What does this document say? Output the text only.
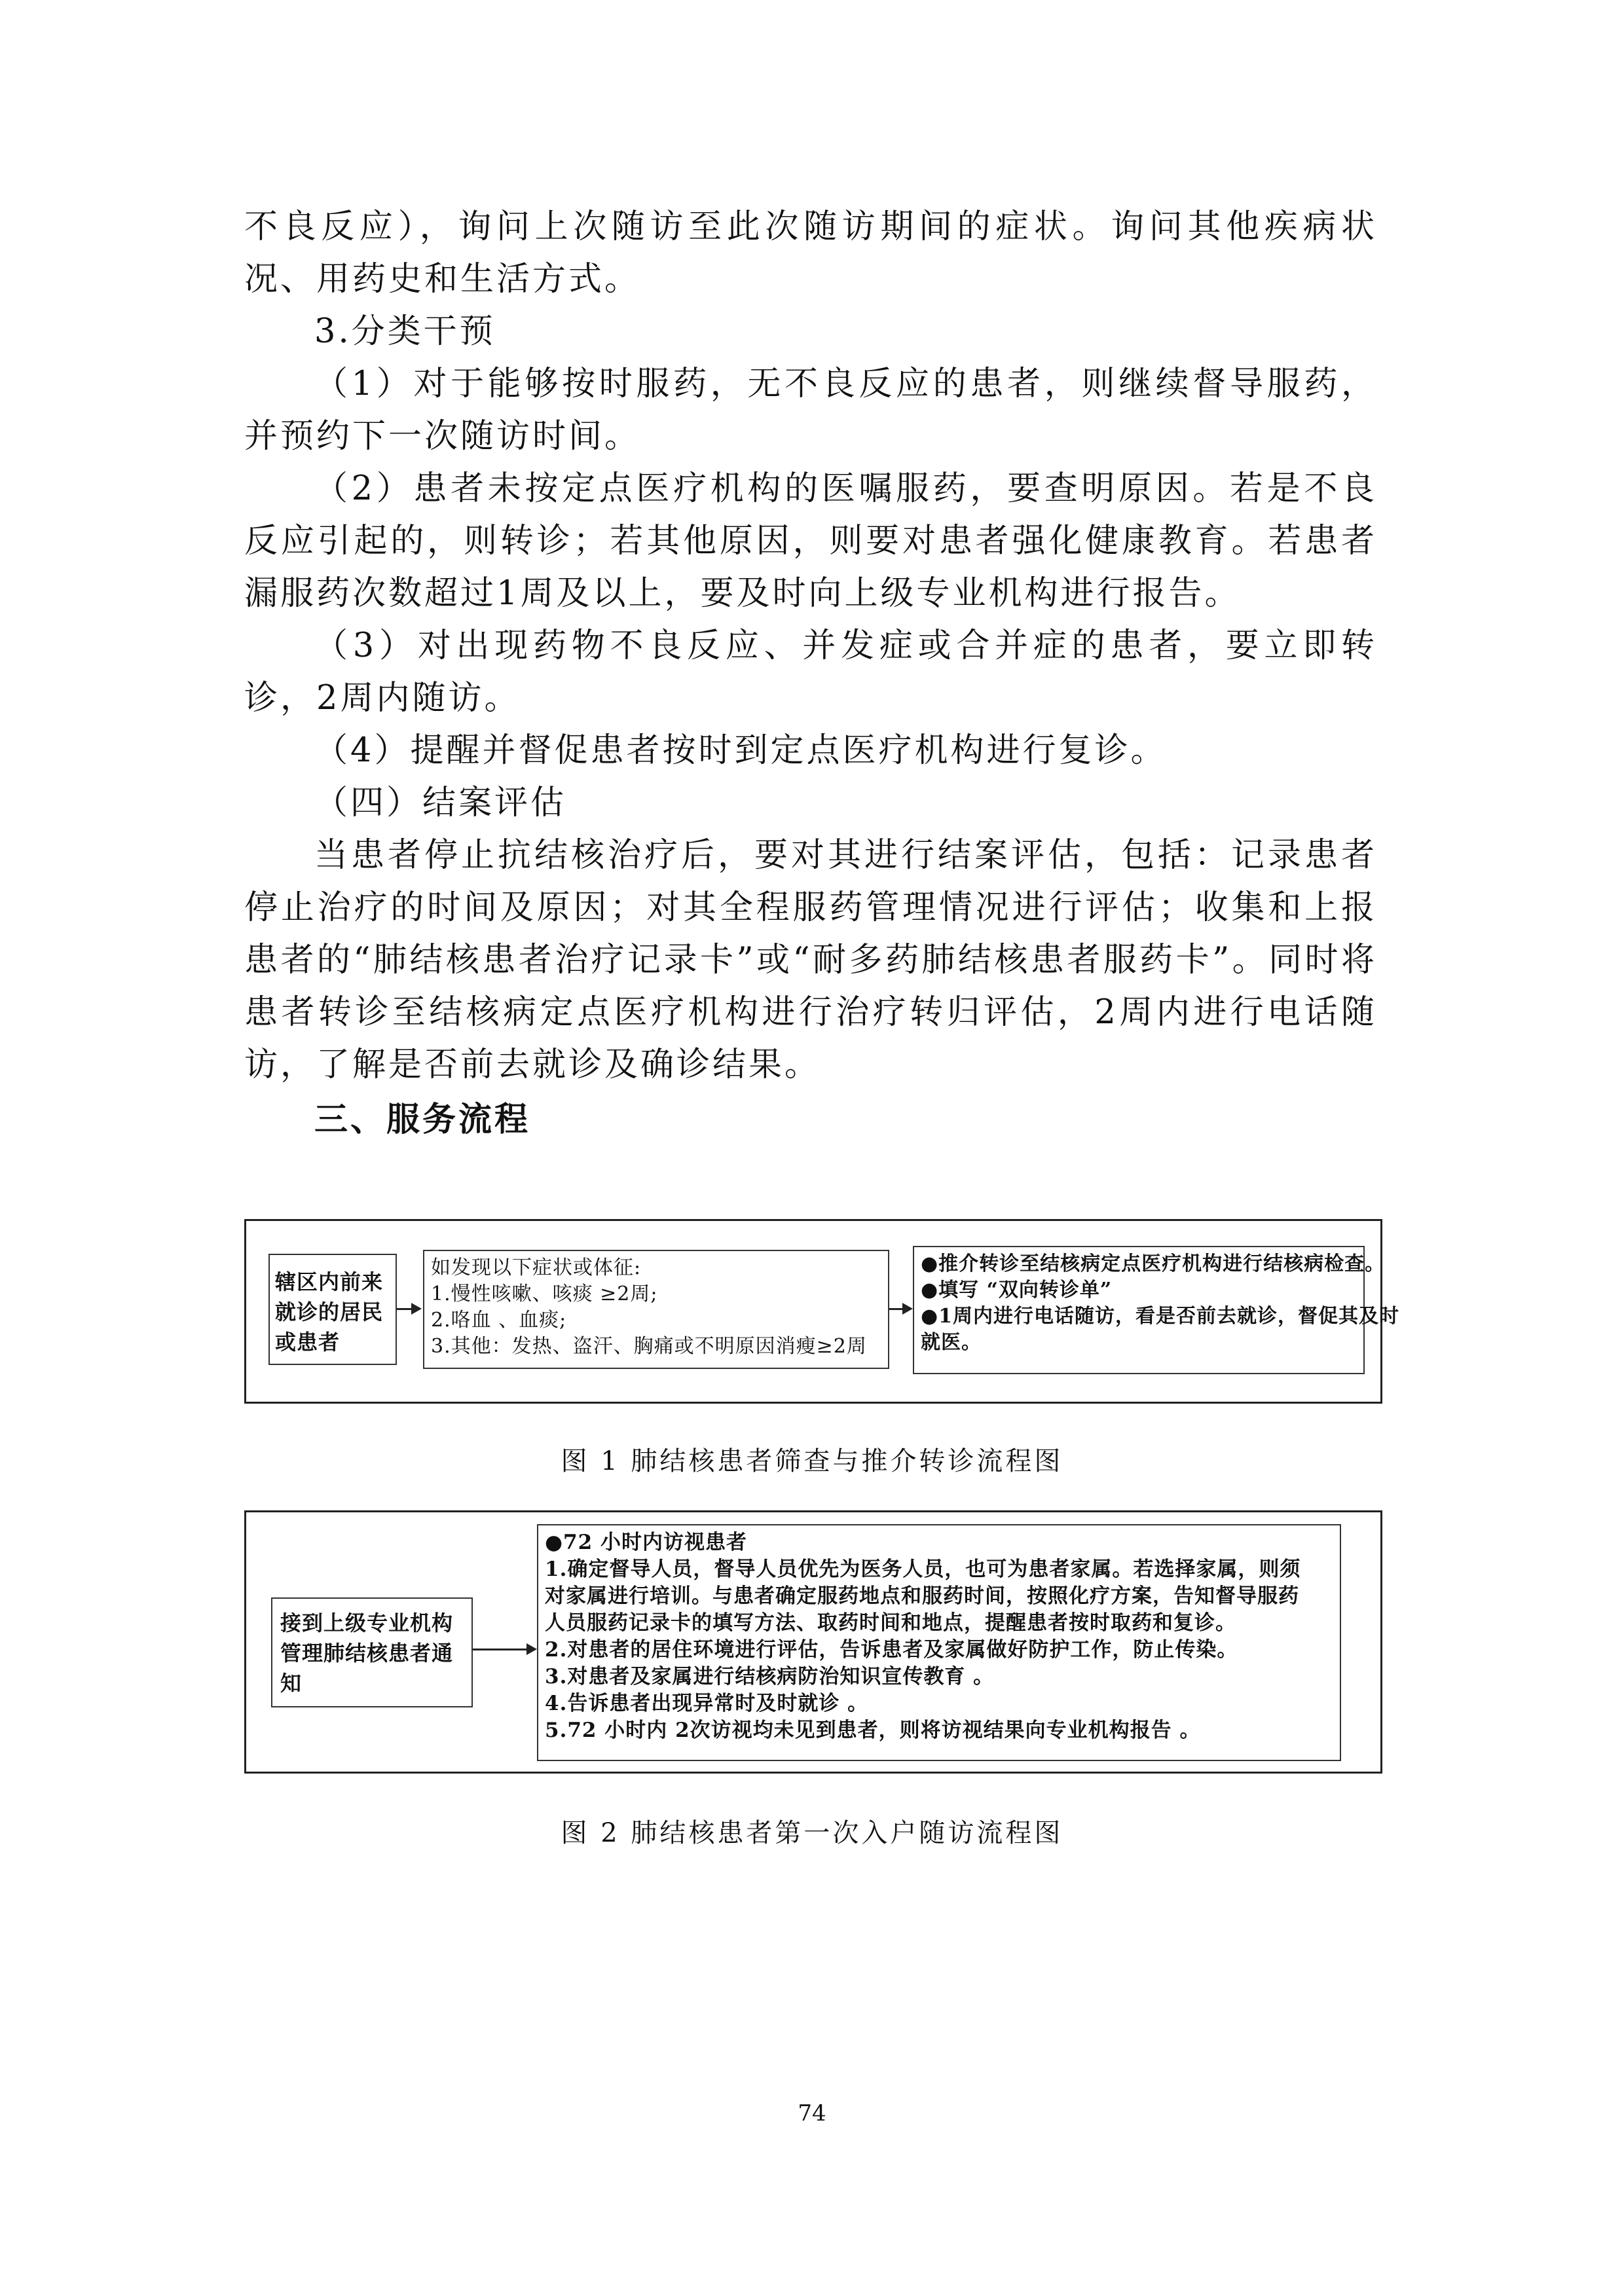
不良反应），询问上次随访至此次随访期间的症状。询问其他疾病状况、用药史和生活方式。

3.分类干预

（1）对于能够按时服药，无不良反应的患者，则继续督导服药，并预约下一次随访时间。

（2）患者未按定点医疗机构的医嘱服药，要查明原因。若是不良反应引起的，则转诊；若其他原因，则要对患者强化健康教育。若患者漏服药次数超过1周及以上，要及时向上级专业机构进行报告。

（3）对出现药物不良反应、并发症或合并症的患者，要立即转诊，2周内随访。

（4）提醒并督促患者按时到定点医疗机构进行复诊。

（四）结案评估

当患者停止抗结核治疗后，要对其进行结案评估，包括：记录患者停止治疗的时间及原因；对其全程服药管理情况进行评估；收集和上报患者的“肺结核患者治疗记录卡”或“耐多药肺结核患者服药卡”。同时将患者转诊至结核病定点医疗机构进行治疗转归评估，2周内进行电话随访，了解是否前去就诊及确诊结果。

三、服务流程

辖区内前来
就诊的居民
或患者
如发现以下症状或体征:
1.慢性咳嗽、咳痰 ≥2周;
2.咯血 、血痰;
3.其他：发热、盗汗、胸痛或不明原因消瘦≥2周
●推介转诊至结核病定点医疗机构进行结核病检查。
●填写 “双向转诊单”
●1周内进行电话随访，看是否前去就诊，督促其及时
就医。
图 1 肺结核患者筛查与推介转诊流程图
接到上级专业机构
管理肺结核患者通
知
●72 小时内访视患者
1.确定督导人员，督导人员优先为医务人员，也可为患者家属。若选择家属，则须
对家属进行培训。与患者确定服药地点和服药时间，按照化疗方案，告知督导服药
人员服药记录卡的填写方法、取药时间和地点，提醒患者按时取药和复诊。
2.对患者的居住环境进行评估，告诉患者及家属做好防护工作，防止传染。
3.对患者及家属进行结核病防治知识宣传教育 。
4.告诉患者出现异常时及时就诊 。
5.72 小时内 2次访视均未见到患者，则将访视结果向专业机构报告 。
图 2 肺结核患者第一次入户随访流程图
74
